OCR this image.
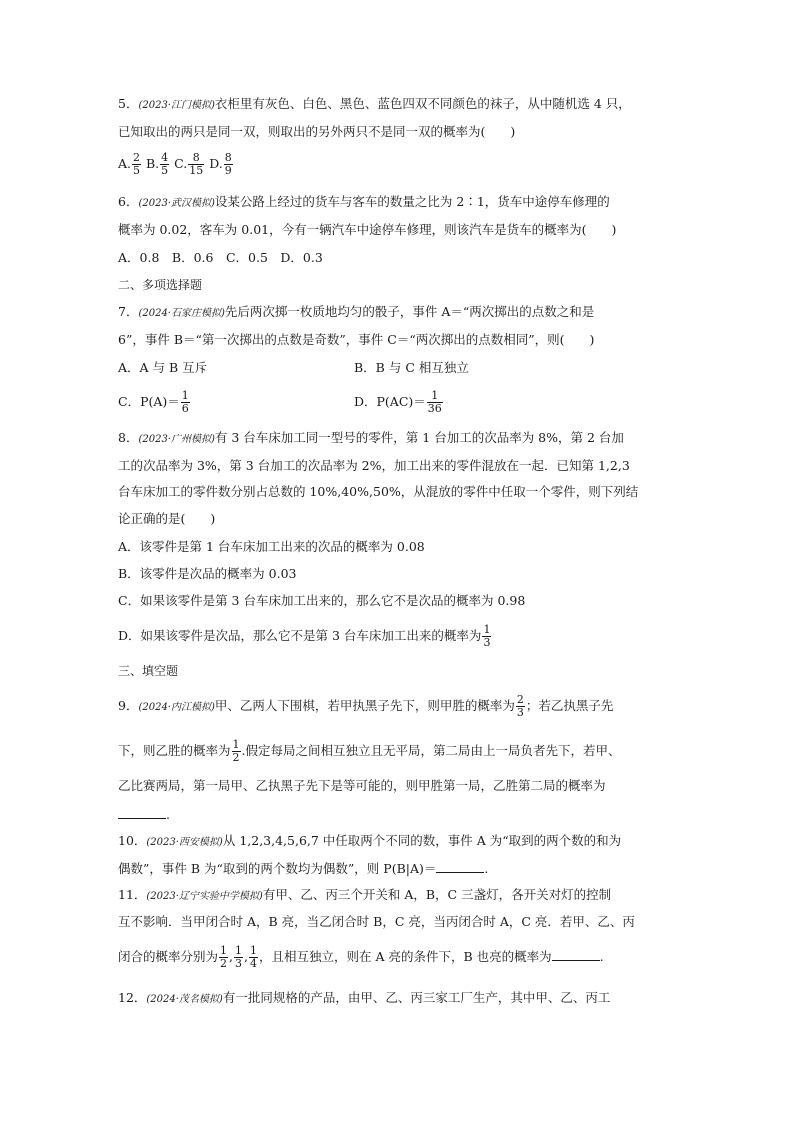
5．(2023·江门模拟)衣柜里有灰色、白色、黑色、蓝色四双不同颜色的袜子，从中随机选 4 只，
已知取出的两只是同一双，则取出的另外两只不是同一双的概率为(　　)
A. $\frac{2}{5} B$. $\frac{4}{5} C$. $\frac{8}{15} D$. $\frac{8}{9}$
6．(2023·武汉模拟)设某公路上经过的货车与客车的数量之比为 2∶1，货车中途停车修理的
概率为 0.02，客车为 0.01，今有一辆汽车中途停车修理，则该汽车是货车的概率为(　　)
A．0.8　B．0.6　C．0.5　D．0.3
二、多项选择题
7．(2024·石家庄模拟)先后两次掷一枚质地均匀的骰子，事件 A＝“两次掷出的点数之和是
6”，事件 B＝“第一次掷出的点数是奇数”，事件 C＝“两次掷出的点数相同”，则(　　)
A．A 与 B 互斥	B．B 与 C 相互独立
C．$P(A)= \frac{1}{6}$	D．$P(AC)= \frac{1}{36}$
8．(2023·广州模拟)有 3 台车床加工同一型号的零件，第 1 台加工的次品率为 8%，第 2 台加
工的次品率为 3%，第 3 台加工的次品率为 2%，加工出来的零件混放在一起．已知第 1,2,3
台车床加工的零件数分别占总数的 10%,40%,50%，从混放的零件中任取一个零件，则下列结
论正确的是(　　)
A．该零件是第 1 台车床加工出来的次品的概率为 0.08
B．该零件是次品的概率为 0.03
C．如果该零件是第 3 台车床加工出来的，那么它不是次品的概率为 0.98
D．如果该零件是次品，那么它不是第 3 台车床加工出来的概率为 $\frac{1}{3}$
三、填空题
9．(2024·内江模拟)甲、乙两人下围棋，若甲执黑子先下，则甲胜的概率为 $\frac{2}{3}$ ；若乙执黑子先
下，则乙胜的概率为 $\frac{1}{2}$ .假定每局之间相互独立且无平局，第二局由上一局负者先下，若甲、
乙比赛两局，第一局甲、乙执黑子先下是等可能的，则甲胜第一局，乙胜第二局的概率为
.
10．(2023·西安模拟)从 1,2,3,4,5,6,7 中任取两个不同的数，事件 A 为“取到的两个数的和为
偶数”，事件 B 为“取到的两个数均为偶数”，则 P(B|A)＝	.
11．(2023·辽宁实验中学模拟)有甲、乙、丙三个开关和 A，B，C 三盏灯，各开关对灯的控制
互不影响．当甲闭合时 A，B 亮，当乙闭合时 B，C 亮，当丙闭合时 A，C 亮．若甲、乙、丙
闭合的概率分别为 $\frac{1}{2}$ , $\frac{1}{3}$ , $\frac{1}{4}$ ，且相互独立，则在 A 亮的条件下，B 也亮的概率为	.
12．(2024·茂名模拟)有一批同规格的产品，由甲、乙、丙三家工厂生产，其中甲、乙、丙工
